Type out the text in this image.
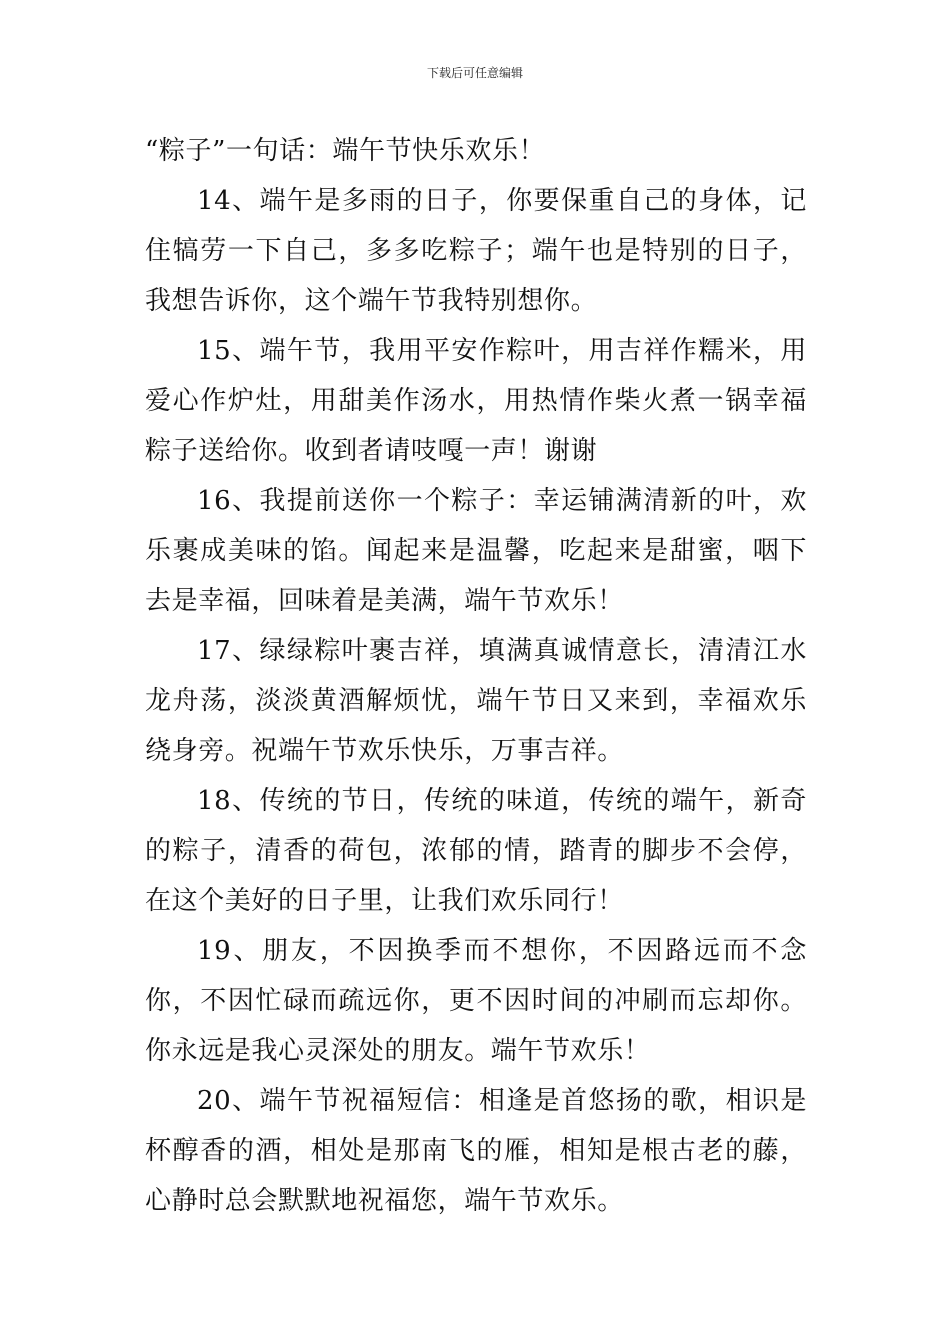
下载后可任意编辑

“粽子”一句话：端午节快乐欢乐！

14、端午是多雨的日子，你要保重自己的身体，记住犒劳一下自己，多多吃粽子；端午也是特别的日子，我想告诉你，这个端午节我特别想你。

15、端午节，我用平安作粽叶，用吉祥作糯米，用爱心作炉灶，用甜美作汤水，用热情作柴火煮一锅幸福粽子送给你。收到者请吱嘎一声！谢谢

16、我提前送你一个粽子：幸运铺满清新的叶，欢乐裹成美味的馅。闻起来是温馨，吃起来是甜蜜，咽下去是幸福，回味着是美满，端午节欢乐！

17、绿绿粽叶裹吉祥，填满真诚情意长，清清江水龙舟荡，淡淡黄酒解烦忧，端午节日又来到，幸福欢乐绕身旁。祝端午节欢乐快乐，万事吉祥。

18、传统的节日，传统的味道，传统的端午，新奇的粽子，清香的荷包，浓郁的情，踏青的脚步不会停，在这个美好的日子里，让我们欢乐同行！

19、朋友，不因换季而不想你，不因路远而不念你，不因忙碌而疏远你，更不因时间的冲刷而忘却你。你永远是我心灵深处的朋友。端午节欢乐！

20、端午节祝福短信：相逢是首悠扬的歌，相识是杯醇香的酒，相处是那南飞的雁，相知是根古老的藤，心静时总会默默地祝福您，端午节欢乐。
